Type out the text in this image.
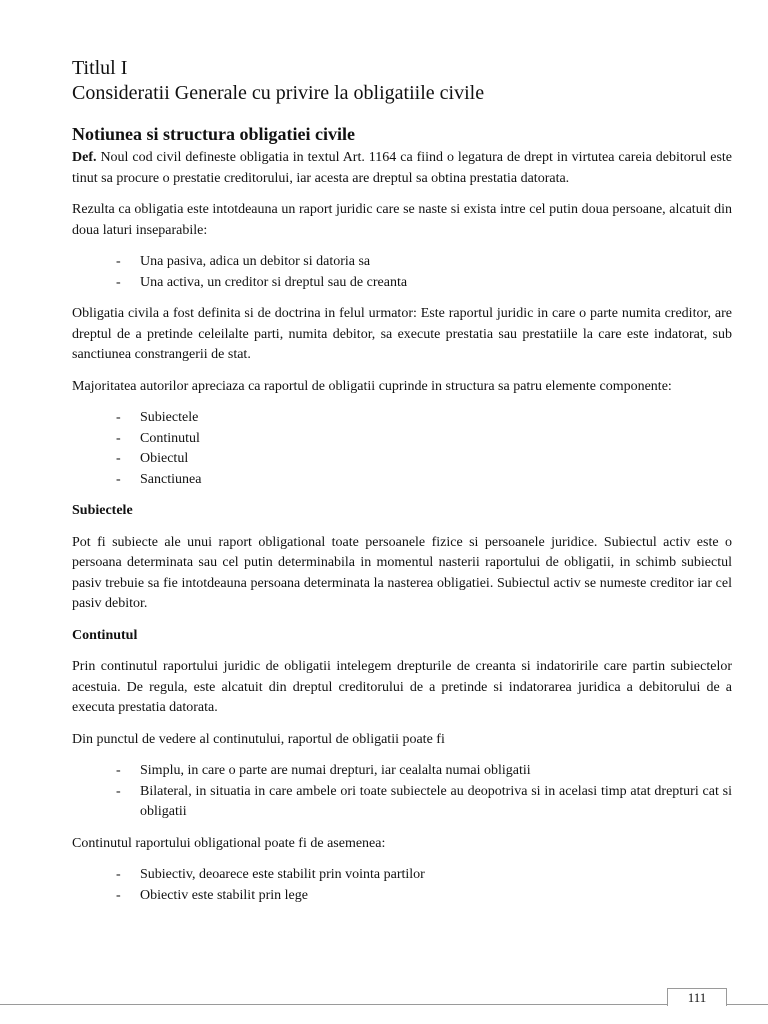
Titlul I
Consideratii Generale cu privire la obligatiile civile
Notiunea si structura obligatiei civile

Def. Noul cod civil defineste obligatia in textul Art. 1164 ca fiind o legatura de drept in virtutea careia debitorul este tinut sa procure o prestatie creditorului, iar acesta are dreptul sa obtina prestatia datorata.

Rezulta ca obligatia este intotdeauna un raport juridic care se naste si exista intre cel putin doua persoane, alcatuit din doua laturi inseparabile:

- Una pasiva, adica un debitor si datoria sa
- Una activa, un creditor si dreptul sau de creanta

Obligatia civila a fost definita si de doctrina in felul urmator: Este raportul juridic in care o parte numita creditor, are dreptul de a pretinde celeilalte parti, numita debitor, sa execute prestatia sau prestatiile la care este indatorat, sub sanctiunea constrangerii de stat.

Majoritatea autorilor apreciaza ca raportul de obligatii cuprinde in structura sa patru elemente componente:

- Subiectele
- Continutul
- Obiectul
- Sanctiunea
Subiectele

Pot fi subiecte ale unui raport obligational toate persoanele fizice si persoanele juridice. Subiectul activ este o persoana determinata sau cel putin determinabila in momentul nasterii raportului de obligatii, in schimb subiectul pasiv trebuie sa fie intotdeauna persoana determinata la nasterea obligatiei. Subiectul activ se numeste creditor iar cel pasiv debitor.

Continutul

Prin continutul raportului juridic de obligatii intelegem drepturile de creanta si indatoririle care partin subiectelor acestuia. De regula, este alcatuit din dreptul creditorului de a pretinde si indatorarea juridica a debitorului de a executa prestatia datorata.

Din punctul de vedere al continutului, raportul de obligatii poate fi

- Simplu, in care o parte are numai drepturi, iar cealalta numai obligatii
- Bilateral, in situatia in care ambele ori toate subiectele au deopotriva si in acelasi timp atat drepturi cat si obligatii

Continutul raportului obligational poate fi de asemenea:

- Subiectiv, deoarece este stabilit prin vointa partilor
- Obiectiv este stabilit prin lege
111
